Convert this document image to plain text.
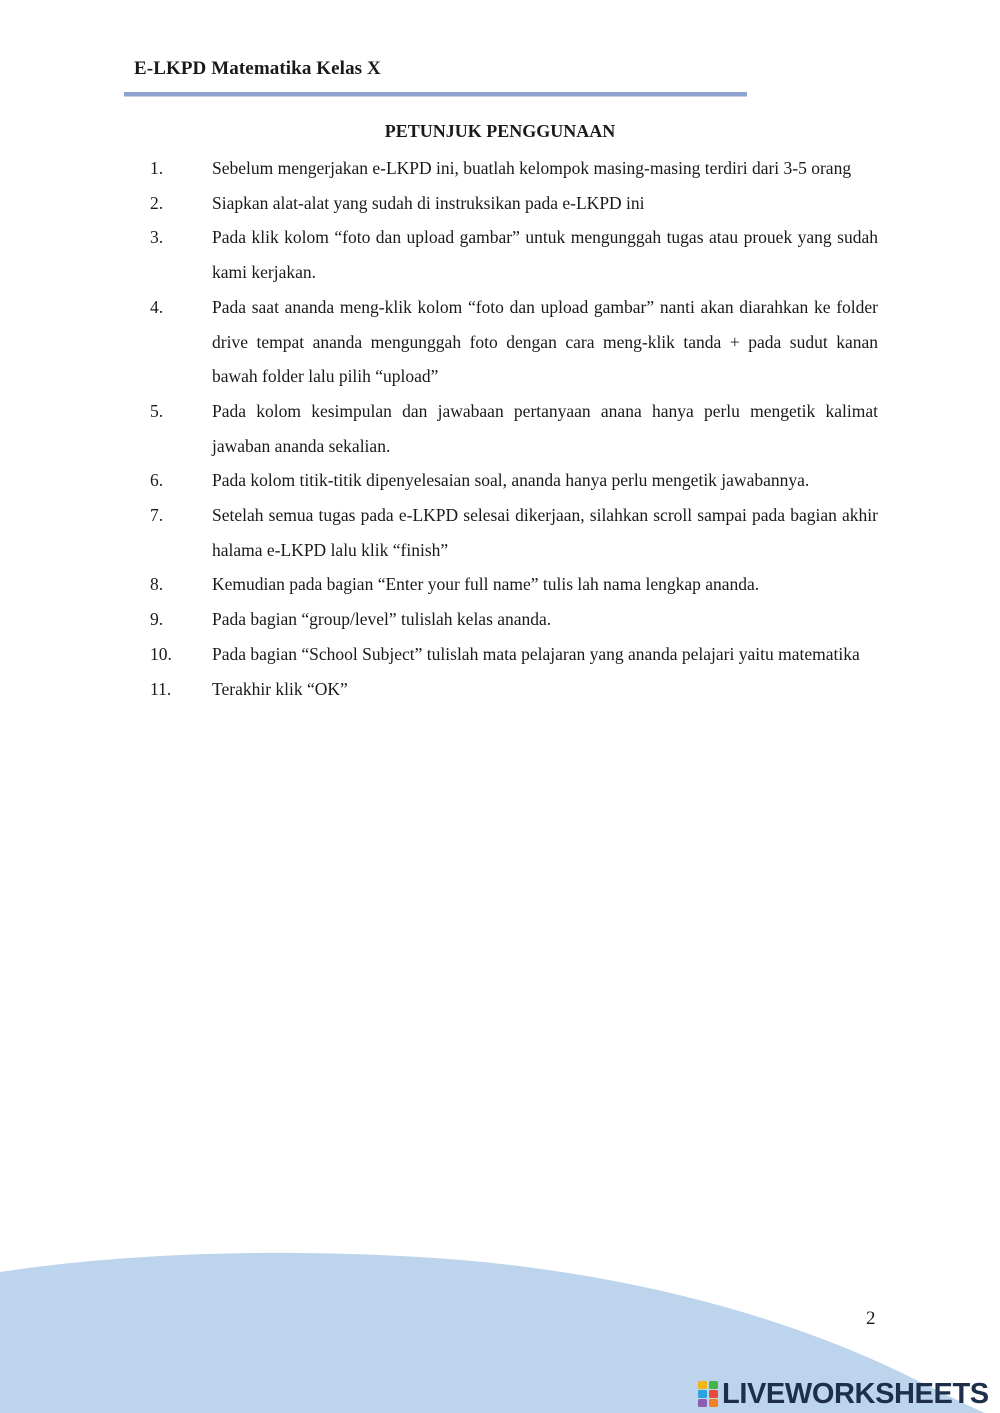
E-LKPD Matematika Kelas X
PETUNJUK PENGGUNAAN
1.	Sebelum mengerjakan e-LKPD ini, buatlah kelompok masing-masing terdiri dari 3-5 orang
2.	Siapkan alat-alat yang sudah di instruksikan pada e-LKPD ini
3.	Pada klik kolom “foto dan upload gambar” untuk mengunggah tugas atau prouek yang sudah kami kerjakan.
4.	Pada saat ananda meng-klik kolom “foto dan upload gambar” nanti akan diarahkan ke folder drive tempat ananda mengunggah foto dengan cara meng-klik tanda + pada sudut kanan bawah folder lalu pilih “upload”
5.	Pada kolom kesimpulan dan jawabaan pertanyaan anana hanya perlu mengetik kalimat jawaban ananda sekalian.
6.	Pada kolom titik-titik dipenyelesaian soal, ananda hanya perlu mengetik jawabannya.
7.	Setelah semua tugas pada e-LKPD selesai dikerjaan, silahkan scroll sampai pada bagian akhir halama e-LKPD lalu klik “finish”
8.	Kemudian pada bagian “Enter your full name” tulis lah nama lengkap ananda.
9.	Pada bagian “group/level” tulislah kelas ananda.
10.	Pada bagian “School Subject” tulislah mata pelajaran yang ananda pelajari yaitu matematika
11.	Terakhir klik “OK”
2
LIVEWORKSHEETS
